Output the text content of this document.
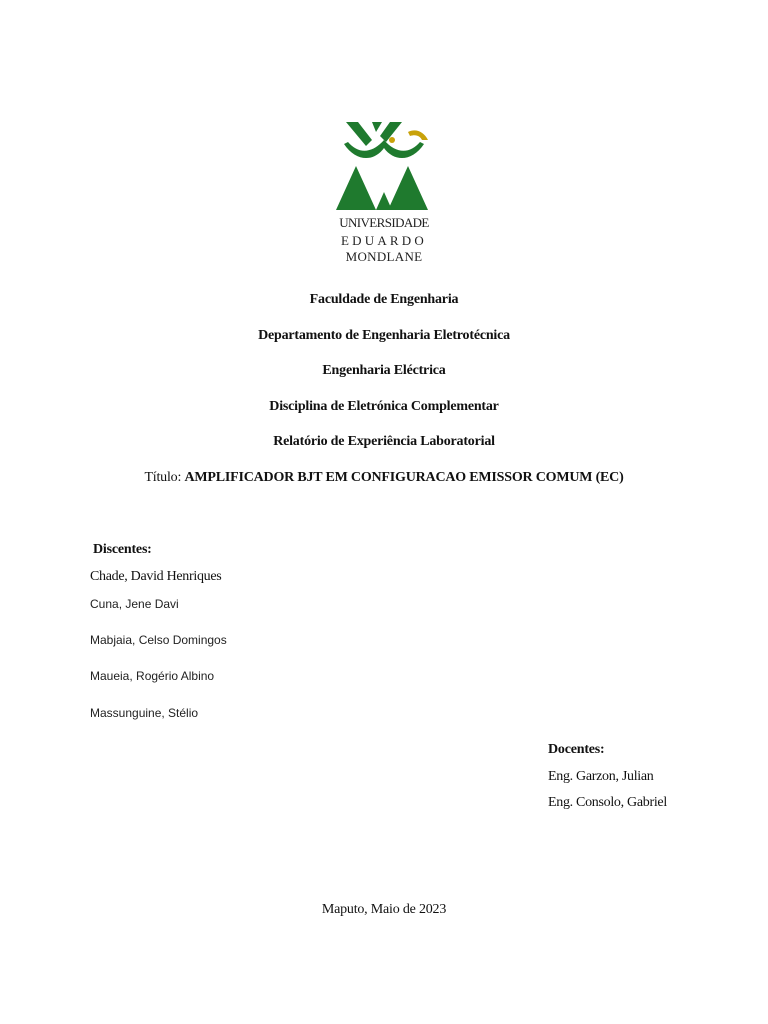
UNIVERSIDADE
EDUARDO
MONDLANE
Faculdade de Engenharia
Departamento de Engenharia Eletrotécnica
Engenharia Eléctrica
Disciplina de Eletrónica Complementar
Relatório de Experiência Laboratorial
Título: AMPLIFICADOR BJT EM CONFIGURACAO EMISSOR COMUM (EC)
Discentes:
Chade, David Henriques
Cuna, Jene Davi
Mabjaia, Celso Domingos
Maueia, Rogério Albino
Massunguine, Stélio
Docentes:
Eng. Garzon, Julian
Eng. Consolo, Gabriel
Maputo, Maio de 2023
